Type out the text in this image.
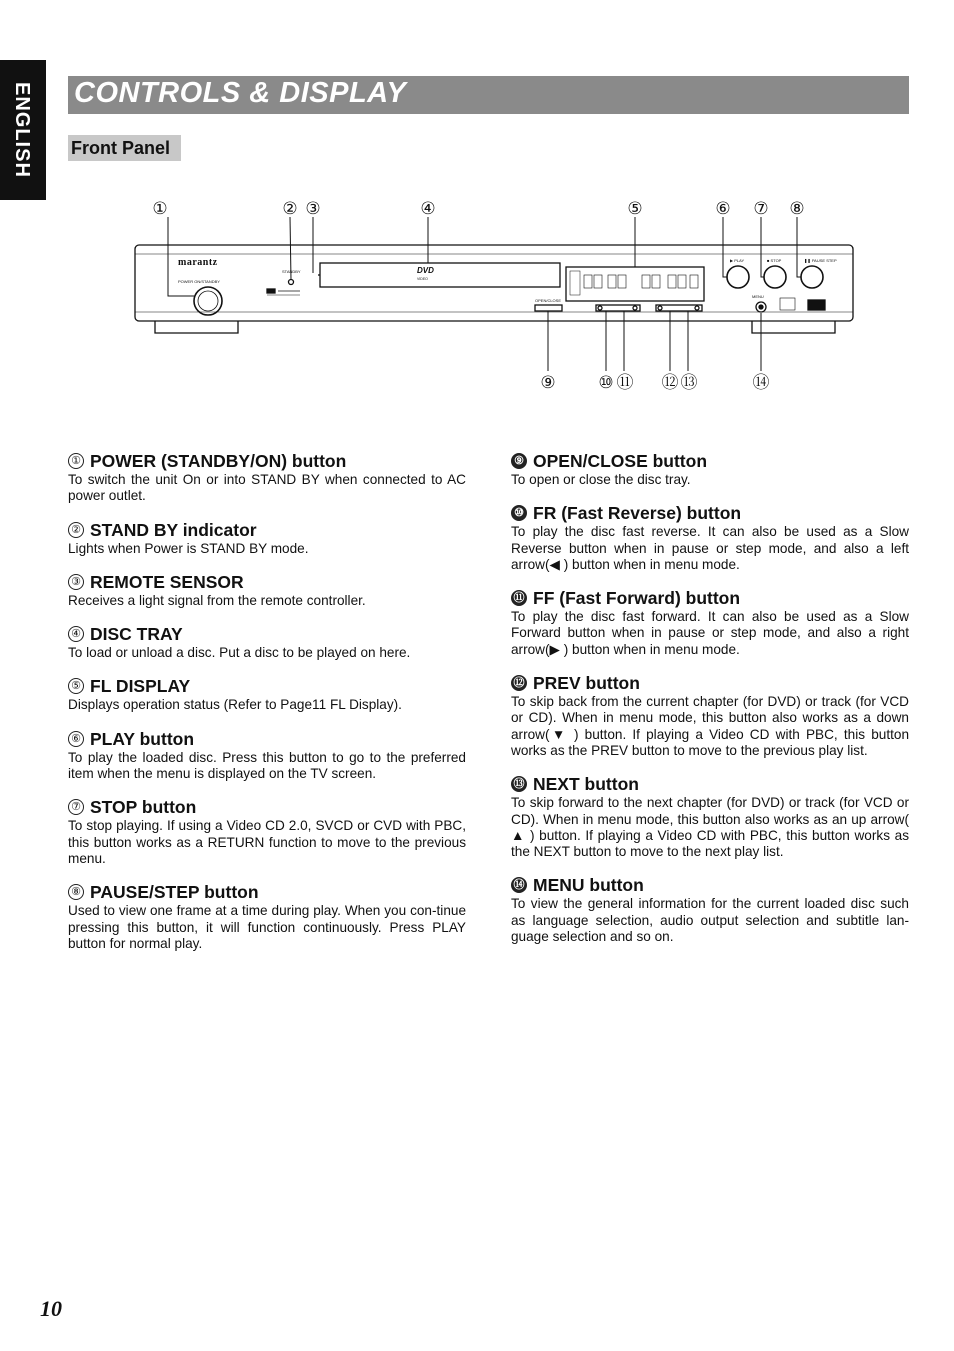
ENGLISH CONTROLS & DISPLAY
Front Panel
marantz
POWER ON/STANDBY
STANDBY	DVD
VIDEO
OPEN/CLOSE
▶ PLAY	■ STOP	❚❚ PAUSE STEP
MENU
①	② ③	④	⑤	⑥ ⑦ ⑧
⑨	⑩ ⑪ ⑫ ⑬	⑭
① POWER (STANDBY/ON) button

To switch the unit On or into STAND BY when connected to AC power outlet.

② STAND BY indicator

Lights when Power is STAND BY mode.

③ REMOTE SENSOR

Receives a light signal from the remote controller.

④ DISC TRAY

To load or unload a disc. Put a disc to be played on here.

⑤ FL DISPLAY

Displays operation status (Refer to Page11 FL Display).

⑥ PLAY button

To play the loaded disc. Press this button to go to the preferred item when the menu is displayed on the TV screen.

⑦ STOP button

To stop playing. If using a Video CD 2.0, SVCD or CVD with PBC, this button works as a RETURN function to move to the previous menu.

⑧ PAUSE/STEP button

Used to view one frame at a time during play. When you con-tinue pressing this button, it will function continuously. Press PLAY button for normal play.

⑨ OPEN/CLOSE button

To open or close the disc tray.

⑩ FR (Fast Reverse) button

To play the disc fast reverse. It can also be used as a Slow Reverse button when in pause or step mode, and also a left arrow(◀ ) button when in menu mode.

⑪ FF (Fast Forward) button

To play the disc fast forward. It can also be used as a Slow Forward button when in pause or step mode, and also a right arrow(▶ ) button when in menu mode.

⑫ PREV button

To skip back from the current chapter (for DVD) or track (for VCD or CD). When in menu mode, this button also works as a down arrow(▼ ) button. If playing a Video CD with PBC, this button works as the PREV button to move to the previous play list.

⑬ NEXT button

To skip forward to the next chapter (for DVD) or track (for VCD or CD). When in menu mode, this button also works as an up arrow( ▲ ) button. If playing a Video CD with PBC, this button works as the NEXT button to move to the next play list.

⑭ MENU button

To view the general information for the current loaded disc such as language selection, audio output selection and subtitle lan-guage selection and so on.

10
